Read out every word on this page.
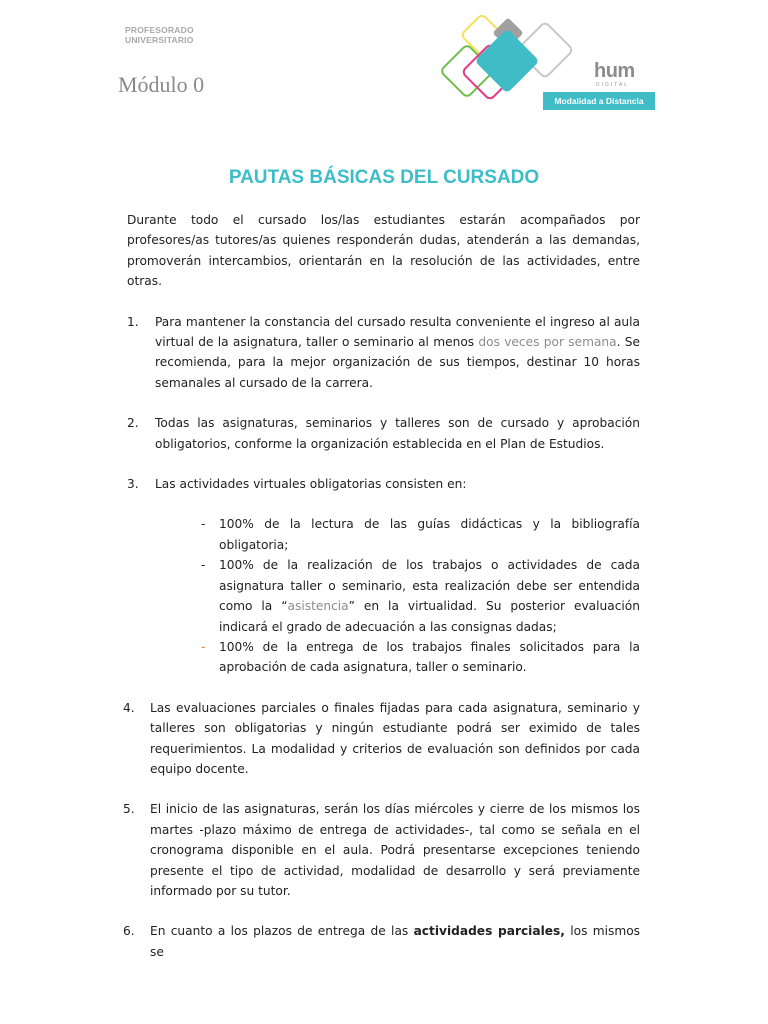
PROFESORADO
UNIVERSITARIO
Módulo 0
hum
DIGITAL
Modalidad a Distancia
PAUTAS BÁSICAS DEL CURSADO

Durante todo el cursado los/las estudiantes estarán acompañados por profesores/as tutores/as quienes responderán dudas, atenderán a las demandas, promoverán intercambios, orientarán en la resolución de las actividades, entre otras.

1. Para mantener la constancia del cursado resulta conveniente el ingreso al aula virtual de la asignatura, taller o seminario al menos dos veces por semana. Se recomienda, para la mejor organización de sus tiempos, destinar 10 horas semanales al cursado de la carrera.
2. Todas las asignaturas, seminarios y talleres son de cursado y aprobación obligatorios, conforme la organización establecida en el Plan de Estudios.
3. Las actividades virtuales obligatorias consisten en:
- 100% de la lectura de las guías didácticas y la bibliografía obligatoria;
- 100% de la realización de los trabajos o actividades de cada asignatura taller o seminario, esta realización debe ser entendida como la “asistencia” en la virtualidad. Su posterior evaluación indicará el grado de adecuación a las consignas dadas;
- 100% de la entrega de los trabajos finales solicitados para la aprobación de cada asignatura, taller o seminario.
4. Las evaluaciones parciales o finales fijadas para cada asignatura, seminario y talleres son obligatorias y ningún estudiante podrá ser eximido de tales requerimientos. La modalidad y criterios de evaluación son definidos por cada equipo docente.
5. El inicio de las asignaturas, serán los días miércoles y cierre de los mismos los martes -plazo máximo de entrega de actividades-, tal como se señala en el cronograma disponible en el aula. Podrá presentarse excepciones teniendo presente el tipo de actividad, modalidad de desarrollo y será previamente informado por su tutor.
6. En cuanto a los plazos de entrega de las actividades parciales, los mismos se
